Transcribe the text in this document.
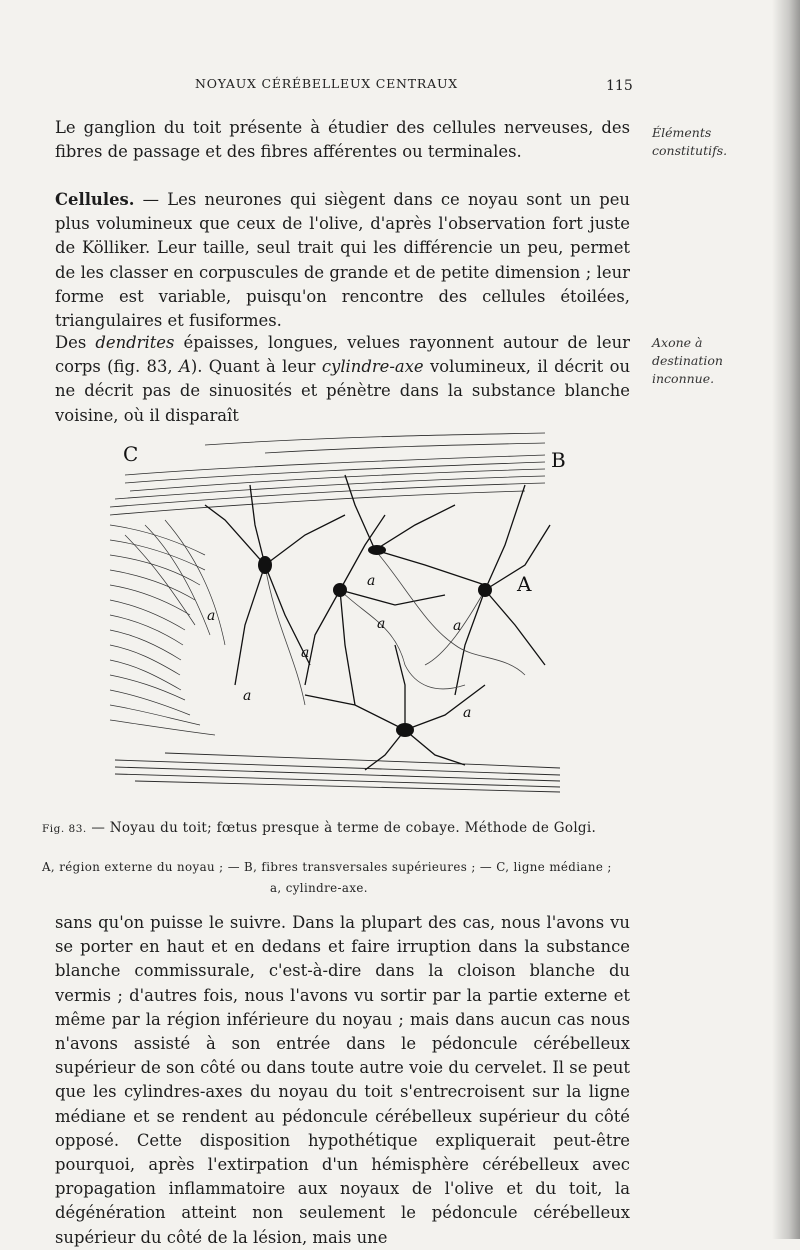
NOYAUX CÉRÉBELLEUX CENTRAUX	115
Le ganglion du toit présente à étudier des cellules nerveuses, des fibres de passage et des fibres afférentes ou terminales.
Éléments constitutifs.
Cellules. — Les neurones qui siègent dans ce noyau sont un peu plus volumineux que ceux de l'olive, d'après l'observation fort juste de Kölliker. Leur taille, seul trait qui les différencie un peu, permet de les classer en corpuscules de grande et de petite dimension ; leur forme est variable, puisqu'on rencontre des cellules étoilées, triangulaires et fusiformes.
Des dendrites épaisses, longues, velues rayonnent autour de leur corps (fig. 83, A). Quant à leur cylindre-axe volumineux, il décrit ou ne décrit pas de sinuosités et pénètre dans la substance blanche voisine, où il disparaît
Axone à destination inconnue.
C	B
A
a
a	a	a
a
a
a
Fig. 83. — Noyau du toit; fœtus presque à terme de cobaye. Méthode de Golgi.
A, région externe du noyau ; — B, fibres transversales supérieures ; — C, ligne médiane ;
a, cylindre-axe.
sans qu'on puisse le suivre. Dans la plupart des cas, nous l'avons vu se porter en haut et en dedans et faire irruption dans la substance blanche commissurale, c'est-à-dire dans la cloison blanche du vermis ; d'autres fois, nous l'avons vu sortir par la partie externe et même par la région inférieure du noyau ; mais dans aucun cas nous n'avons assisté à son entrée dans le pédoncule cérébelleux supérieur de son côté ou dans toute autre voie du cervelet. Il se peut que les cylindres-axes du noyau du toit s'entrecroisent sur la ligne médiane et se rendent au pédoncule cérébelleux supérieur du côté opposé. Cette disposition hypothétique expliquerait peut-être pourquoi, après l'extirpation d'un hémisphère cérébelleux avec propagation inflammatoire aux noyaux de l'olive et du toit, la dégénération atteint non seulement le pédoncule cérébelleux supérieur du côté de la lésion, mais une
